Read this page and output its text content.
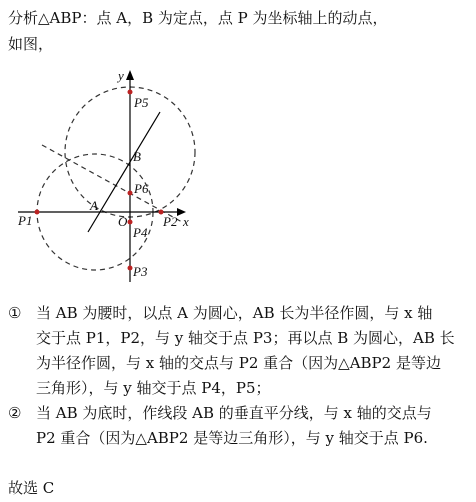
分析△ABP：点 A，B 为定点，点 P 为坐标轴上的动点，
如图，
y
x
O
A
B
P1	P2
P3
P4
P5
P6
① 当 AB 为腰时，以点 A 为圆心，AB 长为半径作圆，与 x 轴
交于点 P1，P2，与 y 轴交于点 P3；再以点 B 为圆心，AB 长
为半径作圆，与 x 轴的交点与 P2 重合（因为△ABP2 是等边
三角形），与 y 轴交于点 P4，P5；
② 当 AB 为底时，作线段 AB 的垂直平分线，与 x 轴的交点与
P2 重合（因为△ABP2 是等边三角形），与 y 轴交于点 P6.
故选 C
